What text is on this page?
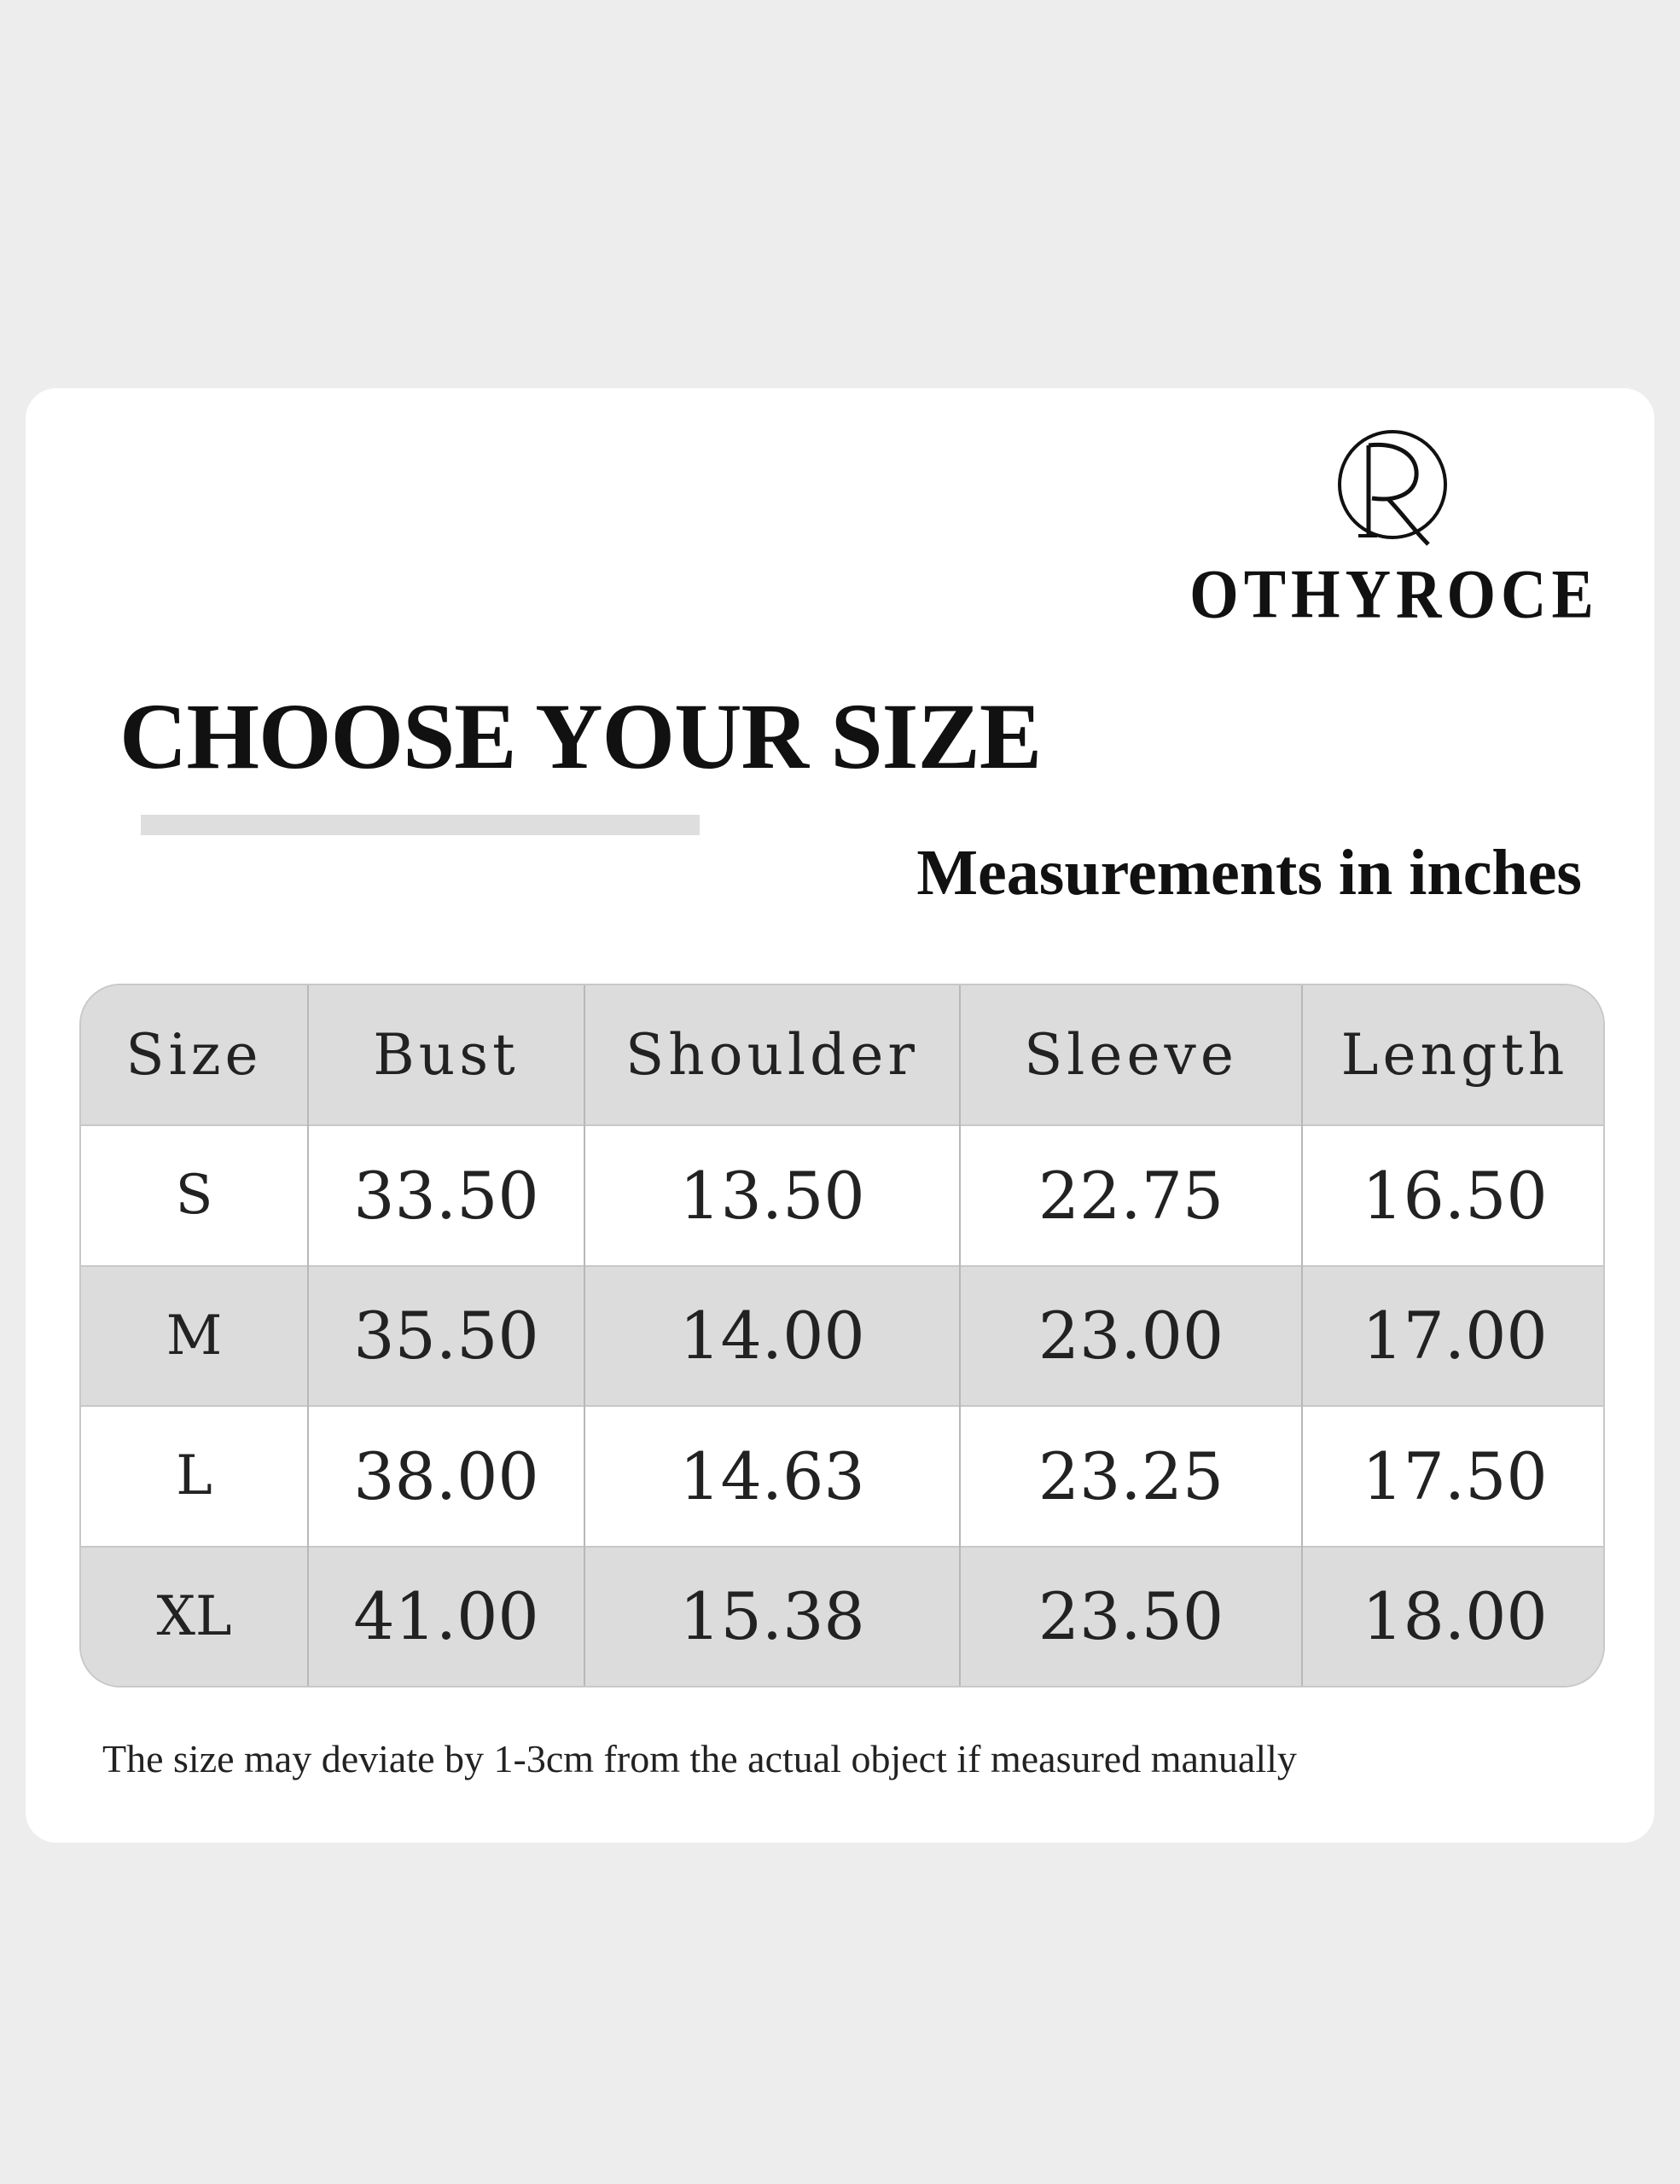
OTHYROCE
CHOOSE YOUR SIZE
Measurements in inches
Size	Bust	Shoulder	Sleeve	Length
S	33.50	13.50	22.75	16.50
M	35.50	14.00	23.00	17.00
L	38.00	14.63	23.25	17.50
XL	41.00	15.38	23.50	18.00
The size may deviate by 1-3cm from the actual object if measured manually
